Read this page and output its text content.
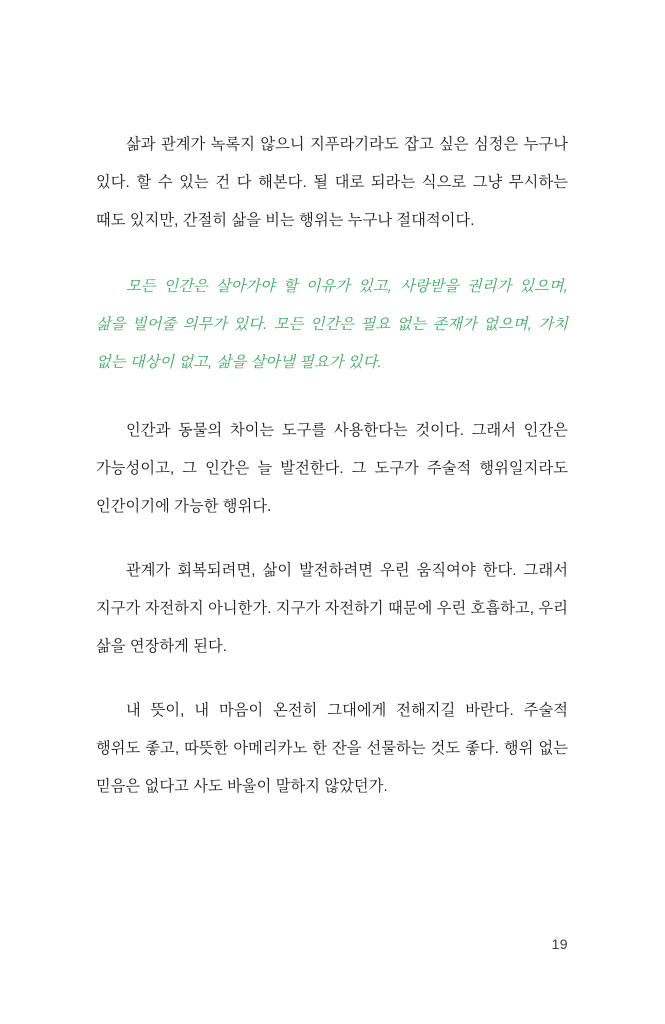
삶과 관계가 녹록지 않으니 지푸라기라도 잡고 싶은 심정은 누구나 있다. 할 수 있는 건 다 해본다. 될 대로 되라는 식으로 그냥 무시하는 때도 있지만, 간절히 삶을 비는 행위는 누구나 절대적이다.

모든 인간은 살아가야 할 이유가 있고, 사랑받을 권리가 있으며, 삶을 빌어줄 의무가 있다. 모든 인간은 필요 없는 존재가 없으며, 가치 없는 대상이 없고, 삶을 살아낼 필요가 있다.

인간과 동물의 차이는 도구를 사용한다는 것이다. 그래서 인간은 가능성이고, 그 인간은 늘 발전한다. 그 도구가 주술적 행위일지라도 인간이기에 가능한 행위다.

관계가 회복되려면, 삶이 발전하려면 우린 움직여야 한다. 그래서 지구가 자전하지 아니한가. 지구가 자전하기 때문에 우린 호흡하고, 우리 삶을 연장하게 된다.

내 뜻이, 내 마음이 온전히 그대에게 전해지길 바란다. 주술적 행위도 좋고, 따뜻한 아메리카노 한 잔을 선물하는 것도 좋다. 행위 없는 믿음은 없다고 사도 바울이 말하지 않았던가.

19
